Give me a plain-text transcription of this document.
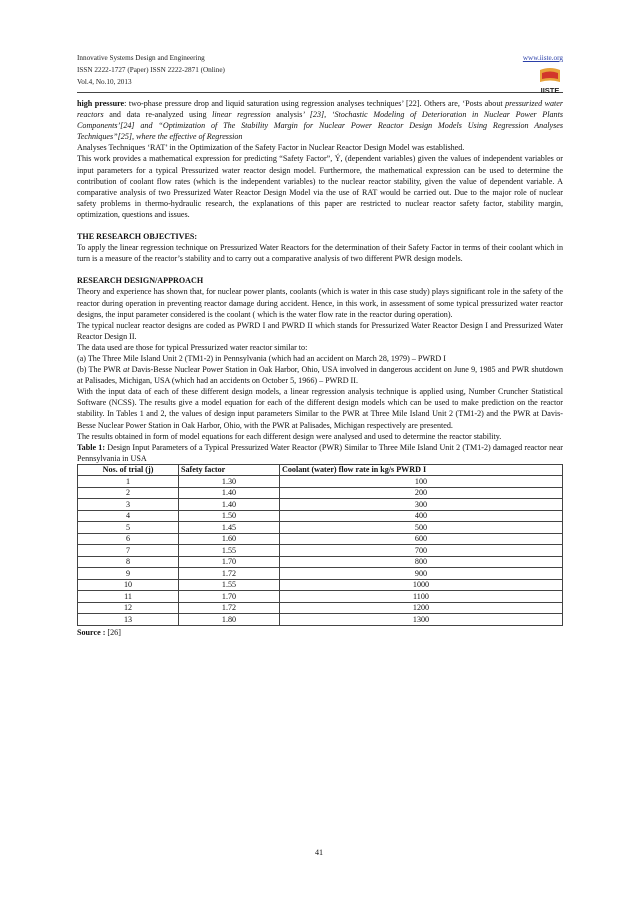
Innovative Systems Design and Engineering
ISSN 2222-1727 (Paper) ISSN 2222-2871 (Online)
Vol.4, No.10, 2013
www.iiste.org
IISTE

high pressure: two-phase pressure drop and liquid saturation using regression analyses techniques’ [22]. Others are, ‘Posts about pressurized water reactors and data re-analyzed using linear regression analysis’ [23], ‘Stochastic Modeling of Deterioration in Nuclear Power Plants Components’[24] and “Optimization of The Stability Margin for Nuclear Power Reactor Design Models Using Regression Analyses Techniques”[25], where the effective of Regression

Analyses Techniques ‘RAT’ in the Optimization of the Safety Factor in Nuclear Reactor Design Model was established.

This work provides a mathematical expression for predicting “Safety Factor”, Ý, (dependent variables) given the values of independent variables or input parameters for a typical Pressurized water reactor design model. Furthermore, the mathematical expression can be used to determine the contribution of coolant flow rates (which is the independent variables) to the nuclear reactor stability, given the value of dependent variable. A comparative analysis of two Pressurized Water Reactor Design Model via the use of RAT would be carried out. Due to the major role of nuclear safety problems in thermo-hydraulic research, the explanations of this paper are restricted to nuclear reactor safety factor, stability margin, optimization, questions and issues.

THE RESEARCH OBJECTIVES:

To apply the linear regression technique on Pressurized Water Reactors for the determination of their Safety Factor in terms of their coolant which in turn is a measure of the reactor’s stability and to carry out a comparative analysis of two different PWR design models.

RESEARCH DESIGN/APPROACH

Theory and experience has shown that, for nuclear power plants, coolants (which is water in this case study) plays significant role in the safety of the reactor during operation in preventing reactor damage during accident. Hence, in this work, in assessment of some typical pressurized water reactor designs, the input parameter considered is the coolant ( which is the water flow rate in the reactor during operation).

The typical nuclear reactor designs are coded as PWRD I and PWRD II which stands for Pressurized Water Reactor Design I and Pressurized Water Reactor Design II.

The data used are those for typical Pressurized water reactor similar to:

(a) The Three Mile Island Unit 2 (TM1-2) in Pennsylvania (which had an accident on March 28, 1979) – PWRD I

(b) The PWR at Davis-Besse Nuclear Power Station in Oak Harbor, Ohio, USA involved in dangerous accident on June 9, 1985 and PWR shutdown at Palisades, Michigan, USA (which had an accidents on October 5, 1966) – PWRD II.

With the input data of each of these different design models, a linear regression analysis technique is applied using, Number Cruncher Statistical Software (NCSS). The results give a model equation for each of the different design models which can be used to make prediction on the reactor stability. In Tables 1 and 2, the values of design input parameters Similar to the PWR at Three Mile Island Unit 2 (TM1-2) and the PWR at Davis-Besse Nuclear Power Station in Oak Harbor, Ohio, with the PWR at Palisades, Michigan respectively are presented.

The results obtained in form of model equations for each different design were analysed and used to determine the reactor stability.

Table 1: Design Input Parameters of a Typical Pressurized Water Reactor (PWR) Similar to Three Mile Island Unit 2 (TM1-2) damaged reactor near Pennsylvania in USA

Nos. of trial (j)	Safety factor	Coolant (water) flow rate in kg/s PWRD I
1	1.30	100
2	1.40	200
3	1.40	300
4	1.50	400
5	1.45	500
6	1.60	600
7	1.55	700
8	1.70	800
9	1.72	900
10	1.55	1000
11	1.70	1100
12	1.72	1200
13	1.80	1300
Source : [26]
41
